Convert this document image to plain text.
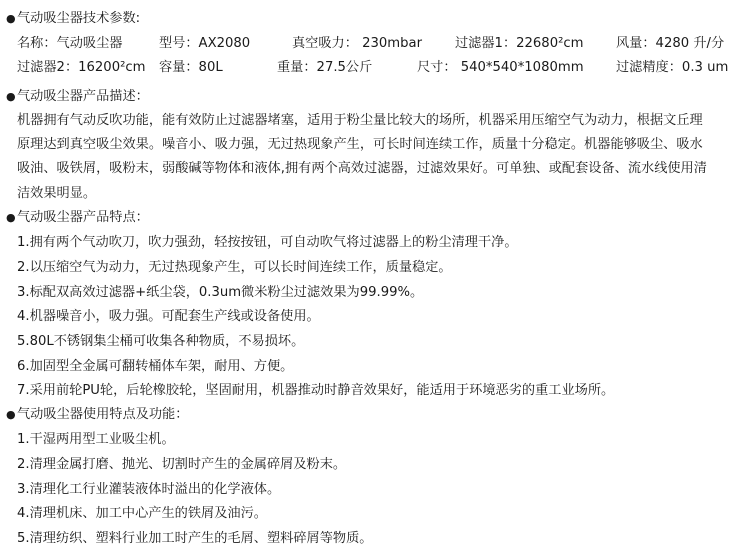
● 气动吸尘器技术参数:
名称：气动吸尘器	型号：AX2080	真空吸力： 230mbar 过滤器1：22680²cm 风量：4280 升/分
过滤器2：16200²cm 容量：80L	重量：27.5公斤	尺寸： 540*540*1080mm 过滤精度：0.3 um
● 气动吸尘器产品描述：
机器拥有气动反吹功能，能有效防止过滤器堵塞，适用于粉尘量比较大的场所，机器采用压缩空气为动力，根据文丘理
原理达到真空吸尘效果。噪音小、吸力强，无过热现象产生，可长时间连续工作，质量十分稳定。机器能够吸尘、吸水
吸油、吸铁屑，吸粉末，弱酸碱等物体和液体,拥有两个高效过滤器，过滤效果好。可单独、或配套设备、流水线使用清
洁效果明显。
● 气动吸尘器产品特点：
1.拥有两个气动吹刀，吹力强劲，轻按按钮，可自动吹气将过滤器上的粉尘清理干净。
2.以压缩空气为动力，无过热现象产生，可以长时间连续工作，质量稳定。
3.标配双高效过滤器+纸尘袋，0.3um微米粉尘过滤效果为99.99%。
4.机器噪音小，吸力强。可配套生产线或设备使用。
5.80L不锈钢集尘桶可收集各种物质，不易损坏。
6.加固型全金属可翻转桶体车架，耐用、方便。
7.采用前轮PU轮，后轮橡胶轮，坚固耐用，机器推动时静音效果好，能适用于环境恶劣的重工业场所。
● 气动吸尘器使用特点及功能：
1.干湿两用型工业吸尘机。
2.清理金属打磨、抛光、切割时产生的金属碎屑及粉末。
3.清理化工行业灌装液体时溢出的化学液体。
4.清理机床、加工中心产生的铁屑及油污。
5.清理纺织、塑料行业加工时产生的毛屑、塑料碎屑等物质。
